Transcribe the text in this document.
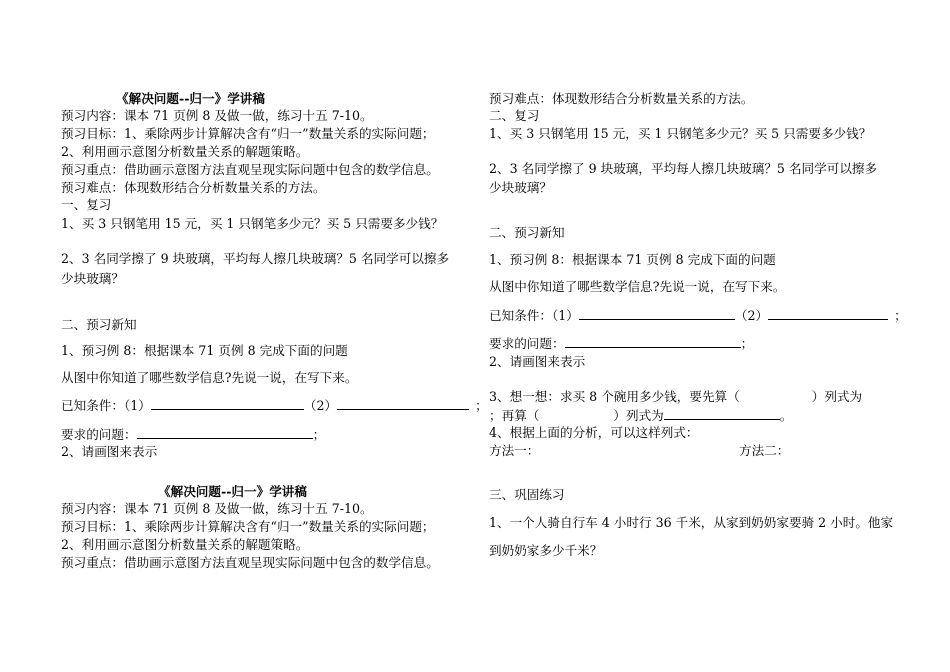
《解决问题--归一》学讲稿
预习内容：课本 71 页例 8 及做一做，练习十五 7-10。
预习目标：1、乘除两步计算解决含有“归一”数量关系的实际问题；
2、利用画示意图分析数量关系的解题策略。
预习重点：借助画示意图方法直观呈现实际问题中包含的数学信息。
预习难点：体现数形结合分析数量关系的方法。
一、复习
1、买 3 只钢笔用 15 元，买 1 只钢笔多少元？买 5 只需要多少钱？
2、3 名同学擦了 9 块玻璃，平均每人擦几块玻璃？5 名同学可以擦多
少块玻璃？
二、预习新知
1、预习例 8：根据课本 71 页例 8 完成下面的问题
从图中你知道了哪些数学信息?先说一说，在写下来。
已知条件：（1）	（2）	；
要求的问题：	；
2、请画图来表示
《解决问题--归一》学讲稿
预习内容：课本 71 页例 8 及做一做，练习十五 7-10。
预习目标：1、乘除两步计算解决含有“归一”数量关系的实际问题；
2、利用画示意图分析数量关系的解题策略。
预习重点：借助画示意图方法直观呈现实际问题中包含的数学信息。
预习难点：体现数形结合分析数量关系的方法。
二、复习
1、买 3 只钢笔用 15 元，买 1 只钢笔多少元？买 5 只需要多少钱？
2、3 名同学擦了 9 块玻璃，平均每人擦几块玻璃？5 名同学可以擦多
少块玻璃？
二、预习新知
1、预习例 8：根据课本 71 页例 8 完成下面的问题
从图中你知道了哪些数学信息?先说一说，在写下来。
已知条件：（1）	（2）	；
要求的问题：	；
2、请画图来表示
3、想一想：求买 8 个碗用多少钱，要先算（	）列式为
；再算（	）列式为	。
4、根据上面的分析，可以这样列式：
方法一：	方法二：
三、巩固练习
1、一个人骑自行车 4 小时行 36 千米，从家到奶奶家要骑 2 小时。他家
到奶奶家多少千米？
